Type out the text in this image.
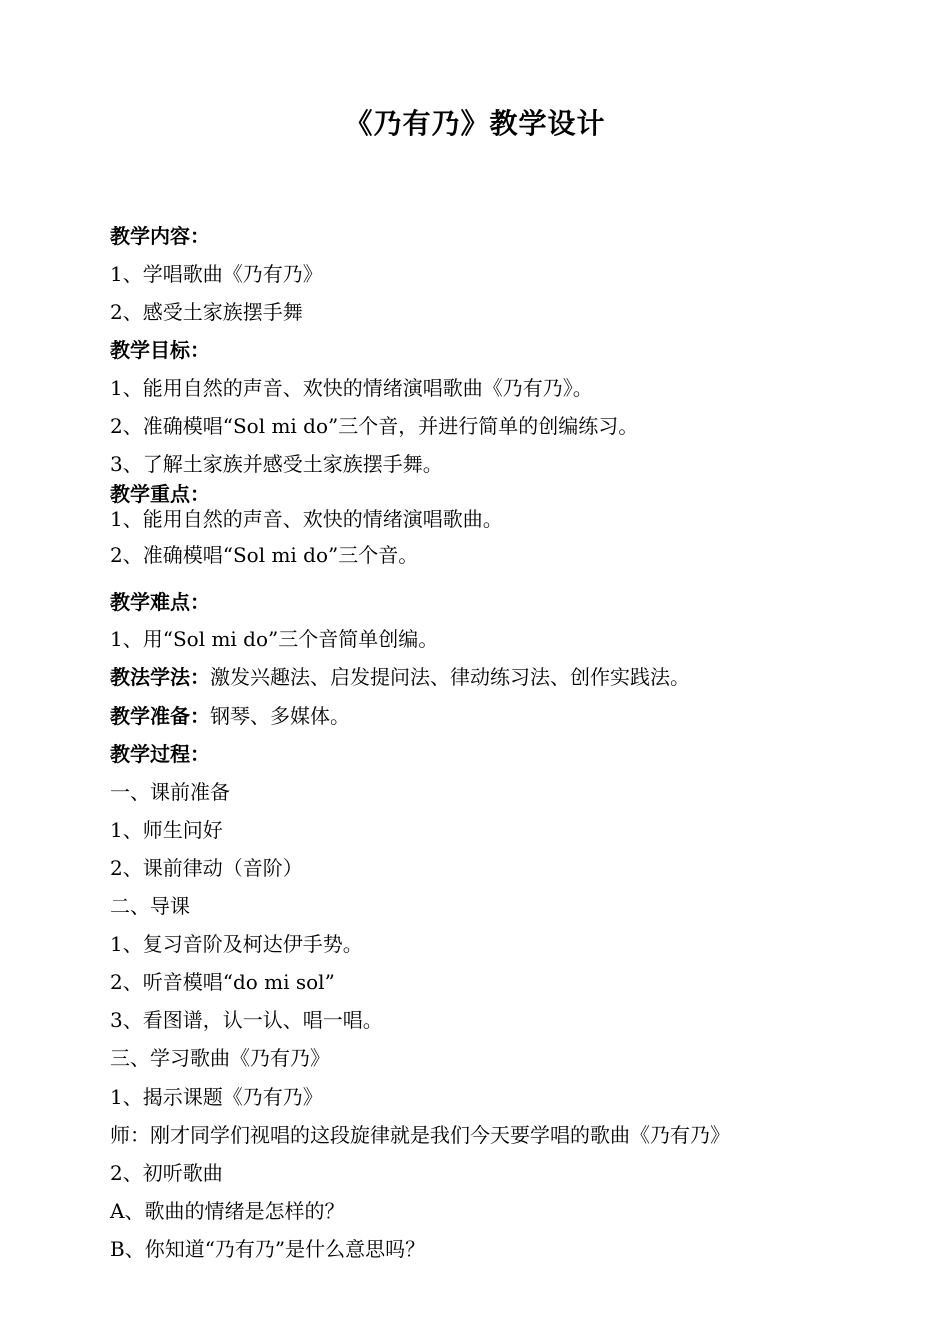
《乃有乃》教学设计
教学内容：
1、学唱歌曲《乃有乃》
2、感受土家族摆手舞
教学目标：
1、能用自然的声音、欢快的情绪演唱歌曲《乃有乃》。
2、准确模唱“Sol mi do”三个音，并进行简单的创编练习。
3、了解土家族并感受土家族摆手舞。
教学重点：
1、能用自然的声音、欢快的情绪演唱歌曲。
2、准确模唱“Sol mi do”三个音。
教学难点：
1、用“Sol mi do”三个音简单创编。
教法学法：激发兴趣法、启发提问法、律动练习法、创作实践法。
教学准备：钢琴、多媒体。
教学过程：
一、课前准备
1、师生问好
2、课前律动（音阶）
二、导课
1、复习音阶及柯达伊手势。
2、听音模唱“do mi sol”
3、看图谱，认一认、唱一唱。
三、学习歌曲《乃有乃》
1、揭示课题《乃有乃》
师：刚才同学们视唱的这段旋律就是我们今天要学唱的歌曲《乃有乃》
2、初听歌曲
A、歌曲的情绪是怎样的？
B、你知道“乃有乃”是什么意思吗？
